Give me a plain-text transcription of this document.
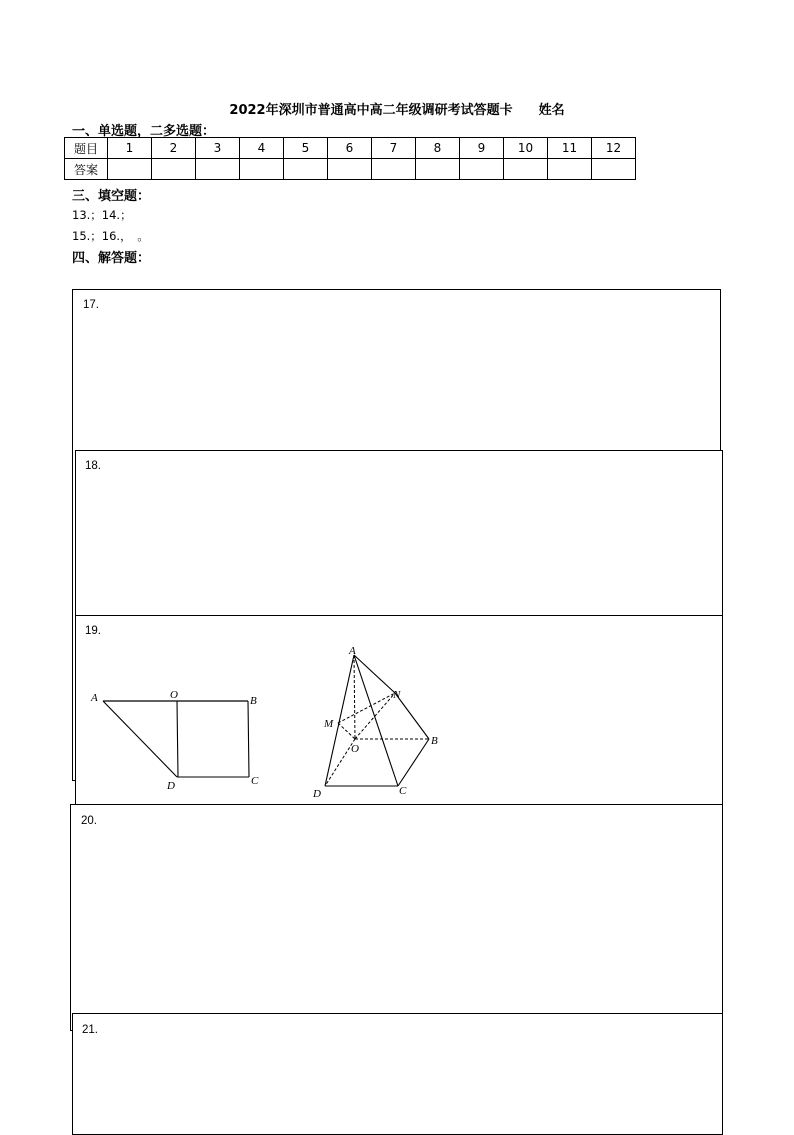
2022年深圳市普通高中高二年级调研考试答题卡　　姓名
一、单选题，二多选题：
题目	1	2	3	4	5	6	7	8	9	10	11	12
答案												
三、填空题：
13.；14.；
15.；16.，　。
四、解答题：
17.
18.
19.
A	O	B
D	C
A
N
M
O
B
D	C
20.
21.
